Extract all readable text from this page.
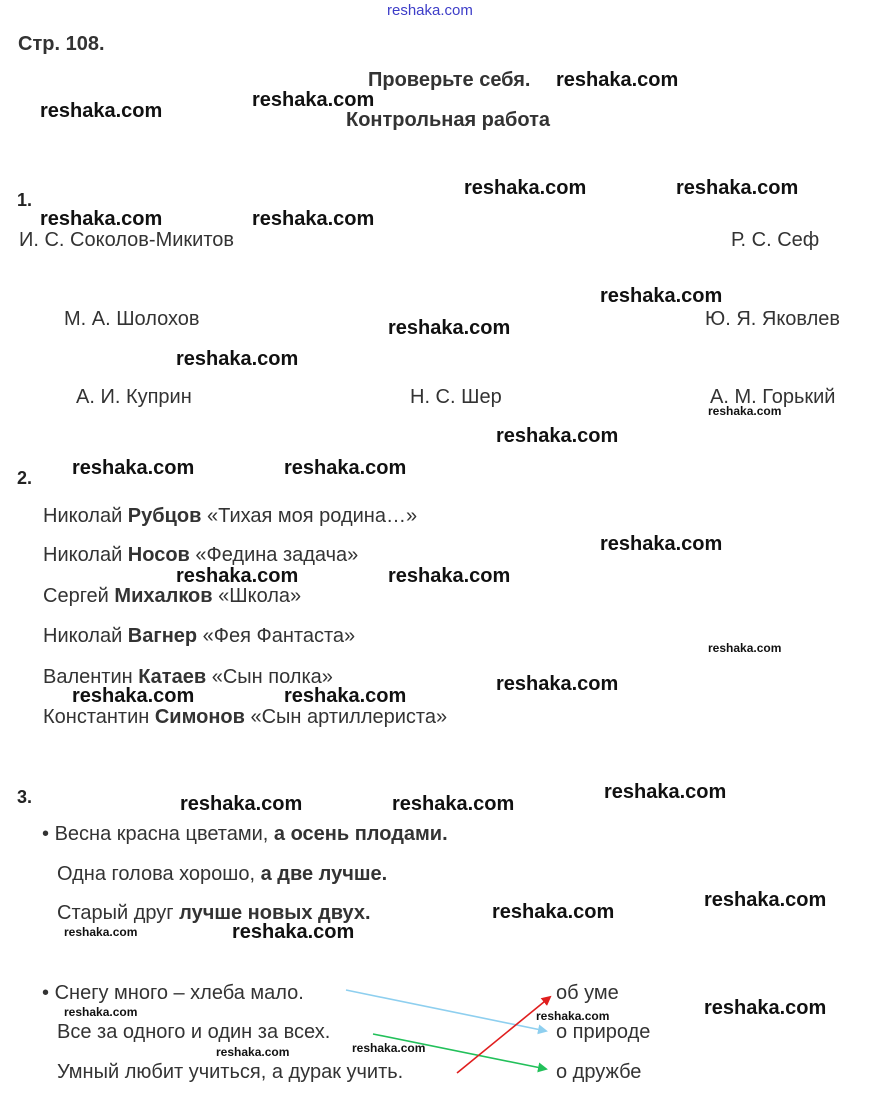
reshaka.com
Стр. 108.
Проверьте себя.
Контрольная работа
1.
И. С. Соколов-Микитов	Р. С. Сеф
М. А. Шолохов	Ю. Я. Яковлев
А. И. Куприн	Н. С. Шер	А. М. Горький
2.
Николай Рубцов «Тихая моя родина…»
Николай Носов «Федина задача»
Сергей Михалков «Школа»
Николай Вагнер «Фея Фантаста»
Валентин Катаев «Сын полка»
Константин Симонов «Сын артиллериста»
3.
• Весна красна цветами, а осень плодами.
Одна голова хорошо, а две лучше.
Старый друг лучше новых двух.
• Снегу много – хлеба мало.
Все за одного и один за всех.
Умный любит учиться, а дурак учить.
об уме
о природе
о дружбе
reshaka.com
reshaka.com
reshaka.com
reshaka.com	reshaka.com
reshaka.com	reshaka.com
reshaka.com
reshaka.com
reshaka.com
reshaka.com
reshaka.com
reshaka.com	reshaka.com
reshaka.com
reshaka.com	reshaka.com
reshaka.com
reshaka.com
reshaka.com	reshaka.com
reshaka.com
reshaka.com	reshaka.com
reshaka.com
reshaka.com
reshaka.com	reshaka.com
reshaka.com
reshaka.com	reshaka.com
reshaka.com	reshaka.com
